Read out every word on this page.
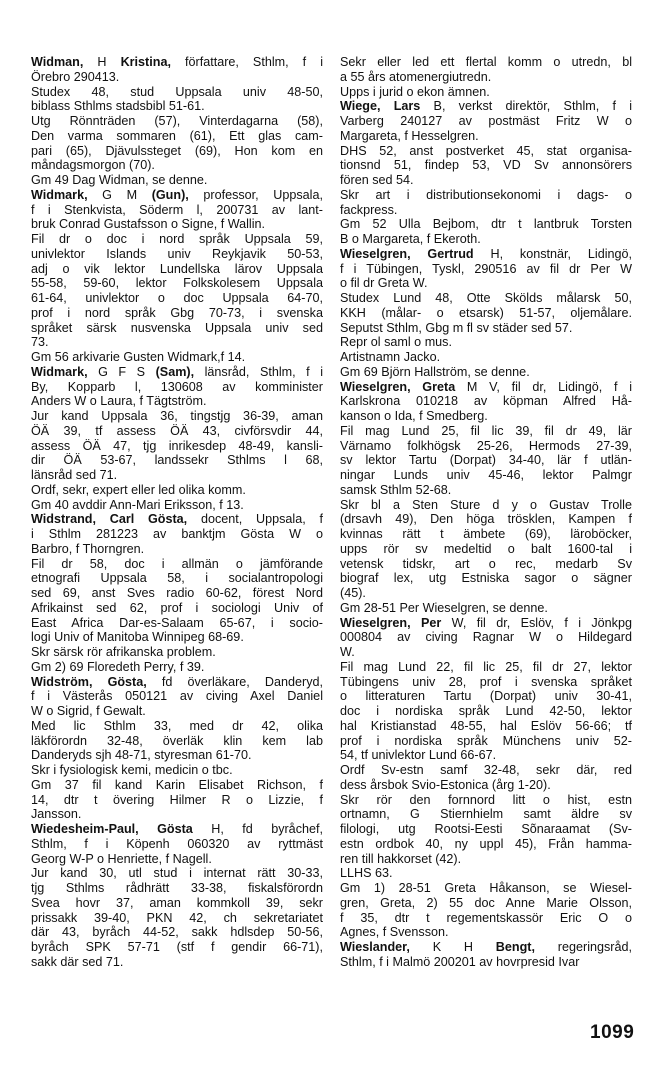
Widman, H Kristina, författare, Sthlm, f i
Örebro 290413.
Studex 48, stud Uppsala univ 48-50,
biblass Sthlms stadsbibl 51-61.
Utg Rönnträden (57), Vinterdagarna (58),
Den varma sommaren (61), Ett glas cam-
pari (65), Djävulssteget (69), Hon kom en
måndagsmorgon (70).
Gm 49 Dag Widman, se denne.
Widmark, G M (Gun), professor, Uppsala,
f i Stenkvista, Söderm l, 200731 av lant-
bruk Conrad Gustafsson o Signe, f Wallin.
Fil dr o doc i nord språk Uppsala 59,
univlektor Islands univ Reykjavik 50-53,
adj o vik lektor Lundellska lärov Uppsala
55-58, 59-60, lektor Folkskolesem Uppsala
61-64, univlektor o doc Uppsala 64-70,
prof i nord språk Gbg 70-73, i svenska
språket särsk nusvenska Uppsala univ sed
73.
Gm 56 arkivarie Gusten Widmark,f 14.
Widmark, G F S (Sam), länsråd, Sthlm, f i
By, Kopparb l, 130608 av komminister
Anders W o Laura, f Tägtström.
Jur kand Uppsala 36, tingstjg 36-39, aman
ÖÄ 39, tf assess ÖÄ 43, civförsvdir 44,
assess ÖÄ 47, tjg inrikesdep 48-49, kansli-
dir ÖÄ 53-67, landssekr Sthlms l 68,
länsråd sed 71.
Ordf, sekr, expert eller led olika komm.
Gm 40 avddir Ann-Mari Eriksson, f 13.
Widstrand, Carl Gösta, docent, Uppsala, f
i Sthlm 281223 av banktjm Gösta W o
Barbro, f Thorngren.
Fil dr 58, doc i allmän o jämförande
etnografi Uppsala 58, i socialantropologi
sed 69, anst Sves radio 60-62, förest Nord
Afrikainst sed 62, prof i sociologi Univ of
East Africa Dar-es-Salaam 65-67, i socio-
logi Univ of Manitoba Winnipeg 68-69.
Skr särsk rör afrikanska problem.
Gm 2) 69 Floredeth Perry, f 39.
Widström, Gösta, fd överläkare, Danderyd,
f i Västerås 050121 av civing Axel Daniel
W o Sigrid, f Gewalt.
Med lic Sthlm 33, med dr 42, olika
läkförordn 32-48, överläk klin kem lab
Danderyds sjh 48-71, styresman 61-70.
Skr i fysiologisk kemi, medicin o tbc.
Gm 37 fil kand Karin Elisabet Richson, f
14, dtr t övering Hilmer R o Lizzie, f
Jansson.
Wiedesheim-Paul, Gösta H, fd byråchef,
Sthlm, f i Köpenh 060320 av ryttmäst
Georg W-P o Henriette, f Nagell.
Jur kand 30, utl stud i internat rätt 30-33,
tjg Sthlms rådhrätt 33-38, fiskalsförordn
Svea hovr 37, aman kommkoll 39, sekr
prissakk 39-40, PKN 42, ch sekretariatet
där 43, byråch 44-52, sakk hdlsdep 50-56,
byråch SPK 57-71 (stf f gendir 66-71),
sakk där sed 71.
Sekr eller led ett flertal komm o utredn, bl
a 55 års atomenergiutredn.
Upps i jurid o ekon ämnen.
Wiege, Lars B, verkst direktör, Sthlm, f i
Varberg 240127 av postmäst Fritz W o
Margareta, f Hesselgren.
DHS 52, anst postverket 45, stat organisa-
tionsnd 51, findep 53, VD Sv annonsörers
fören sed 54.
Skr art i distributionsekonomi i dags- o
fackpress.
Gm 52 Ulla Bejbom, dtr t lantbruk Torsten
B o Margareta, f Ekeroth.
Wieselgren, Gertrud H, konstnär, Lidingö,
f i Tübingen, Tyskl, 290516 av fil dr Per W
o fil dr Greta W.
Studex Lund 48, Otte Skölds målarsk 50,
KKH (målar- o etsarsk) 51-57, oljemålare.
Seputst Sthlm, Gbg m fl sv städer sed 57.
Repr ol saml o mus.
Artistnamn Jacko.
Gm 69 Björn Hallström, se denne.
Wieselgren, Greta M V, fil dr, Lidingö, f i
Karlskrona 010218 av köpman Alfred Hå-
kanson o Ida, f Smedberg.
Fil mag Lund 25, fil lic 39, fil dr 49, lär
Värnamo folkhögsk 25-26, Hermods 27-39,
sv lektor Tartu (Dorpat) 34-40, lär f utlän-
ningar Lunds univ 45-46, lektor Palmgr
samsk Sthlm 52-68.
Skr bl a Sten Sture d y o Gustav Trolle
(drsavh 49), Den höga trösklen, Kampen f
kvinnas rätt t ämbete (69), läroböcker,
upps rör sv medeltid o balt 1600-tal i
vetensk tidskr, art o rec, medarb Sv
biograf lex, utg Estniska sagor o sägner
(45).
Gm 28-51 Per Wieselgren, se denne.
Wieselgren, Per W, fil dr, Eslöv, f i Jönkpg
000804 av civing Ragnar W o Hildegard
W.
Fil mag Lund 22, fil lic 25, fil dr 27, lektor
Tübingens univ 28, prof i svenska språket
o litteraturen Tartu (Dorpat) univ 30-41,
doc i nordiska språk Lund 42-50, lektor
hal Kristianstad 48-55, hal Eslöv 56-66; tf
prof i nordiska språk Münchens univ 52-
54, tf univlektor Lund 66-67.
Ordf Sv-estn samf 32-48, sekr där, red
dess årsbok Svio-Estonica (årg 1-20).
Skr rör den fornnord litt o hist, estn
ortnamn, G Stiernhielm samt äldre sv
filologi, utg Rootsi-Eesti Sõnaraamat (Sv-
estn ordbok 40, ny uppl 45), Från hamma-
ren till hakkorset (42).
LLHS 63.
Gm 1) 28-51 Greta Håkanson, se Wiesel-
gren, Greta, 2) 55 doc Anne Marie Olsson,
f 35, dtr t regementskassör Eric O o
Agnes, f Svensson.
Wieslander, K H Bengt, regeringsråd,
Sthlm, f i Malmö 200201 av hovrpresid Ivar
1099
